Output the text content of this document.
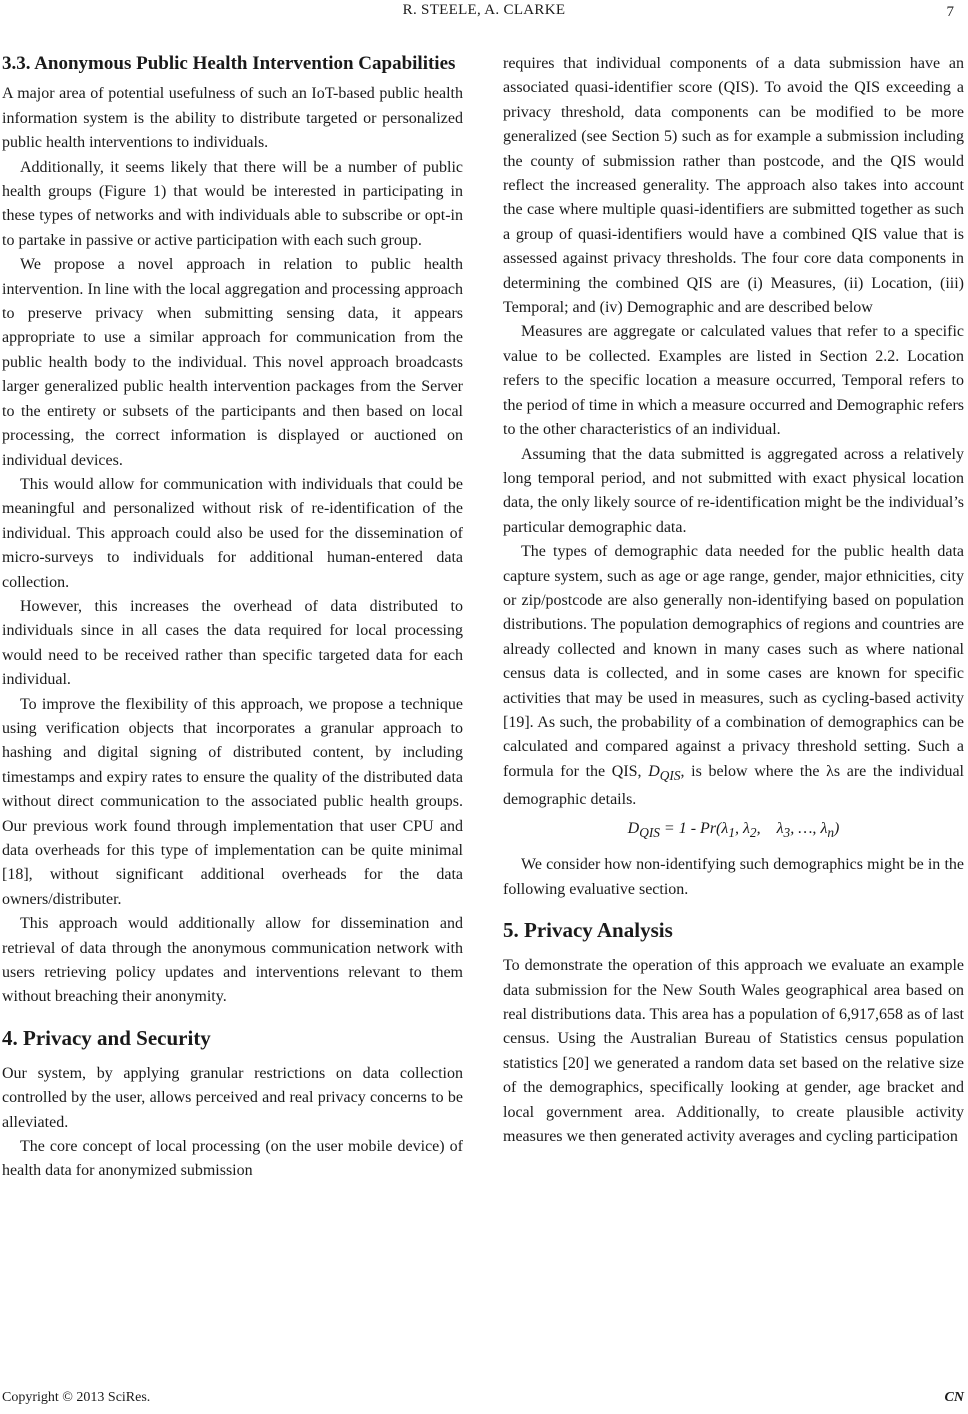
R. STEELE, A. CLARKE	7
3.3. Anonymous Public Health Intervention Capabilities

A major area of potential usefulness of such an IoT-based public health information system is the ability to distribute targeted or personalized public health interventions to individuals.

Additionally, it seems likely that there will be a number of public health groups (Figure 1) that would be interested in participating in these types of networks and with individuals able to subscribe or opt-in to partake in passive or active participation with each such group.

We propose a novel approach in relation to public health intervention. In line with the local aggregation and processing approach to preserve privacy when submitting sensing data, it appears appropriate to use a similar approach for communication from the public health body to the individual. This novel approach broadcasts larger generalized public health intervention packages from the Server to the entirety or subsets of the participants and then based on local processing, the correct information is displayed or auctioned on individual devices.

This would allow for communication with individuals that could be meaningful and personalized without risk of re-identification of the individual. This approach could also be used for the dissemination of micro-surveys to individuals for additional human-entered data collection.

However, this increases the overhead of data distributed to individuals since in all cases the data required for local processing would need to be received rather than specific targeted data for each individual.

To improve the flexibility of this approach, we propose a technique using verification objects that incorporates a granular approach to hashing and digital signing of distributed content, by including timestamps and expiry rates to ensure the quality of the distributed data without direct communication to the associated public health groups. Our previous work found through implementation that user CPU and data overheads for this type of implementation can be quite minimal [18], without significant additional overheads for the data owners/distributer.

This approach would additionally allow for dissemination and retrieval of data through the anonymous communication network with users retrieving policy updates and interventions relevant to them without breaching their anonymity.

4. Privacy and Security

Our system, by applying granular restrictions on data collection controlled by the user, allows perceived and real privacy concerns to be alleviated.

The core concept of local processing (on the user mobile device) of health data for anonymized submission

requires that individual components of a data submission have an associated quasi-identifier score (QIS). To avoid the QIS exceeding a privacy threshold, data components can be modified to be more generalized (see Section 5) such as for example a submission including the county of submission rather than postcode, and the QIS would reflect the increased generality. The approach also takes into account the case where multiple quasi-identifiers are submitted together as such a group of quasi-identifiers would have a combined QIS value that is assessed against privacy thresholds. The four core data components in determining the combined QIS are (i) Measures, (ii) Location, (iii) Temporal; and (iv) Demographic and are described below

Measures are aggregate or calculated values that refer to a specific value to be collected. Examples are listed in Section 2.2. Location refers to the specific location a measure occurred, Temporal refers to the period of time in which a measure occurred and Demographic refers to the other characteristics of an individual.

Assuming that the data submitted is aggregated across a relatively long temporal period, and not submitted with exact physical location data, the only likely source of re-identification might be the individual’s particular demographic data.

The types of demographic data needed for the public health data capture system, such as age or age range, gender, major ethnicities, city or zip/postcode are also generally non-identifying based on population distributions. The population demographics of regions and countries are already collected and known in many cases such as where national census data is collected, and in some cases are known for specific activities that may be used in measures, such as cycling-based activity [19]. As such, the probability of a combination of demographics can be calculated and compared against a privacy threshold setting. Such a formula for the QIS, $D_{QIS}$, is below where the λs are the individual demographic details.

$D_{QIS} = 1 - Pr(\lambda_1$, $\lambda_2$,    $\lambda_3$, …, $\lambda_n$)

We consider how non-identifying such demographics might be in the following evaluative section.

5. Privacy Analysis

To demonstrate the operation of this approach we evaluate an example data submission for the New South Wales geographical area based on real distributions data. This area has a population of 6,917,658 as of last census. Using the Australian Bureau of Statistics census population statistics [20] we generated a random data set based on the relative size of the demographics, specifically looking at gender, age bracket and local government area. Additionally, to create plausible activity measures we then generated activity averages and cycling participation

Copyright © 2013 SciRes.	CN
